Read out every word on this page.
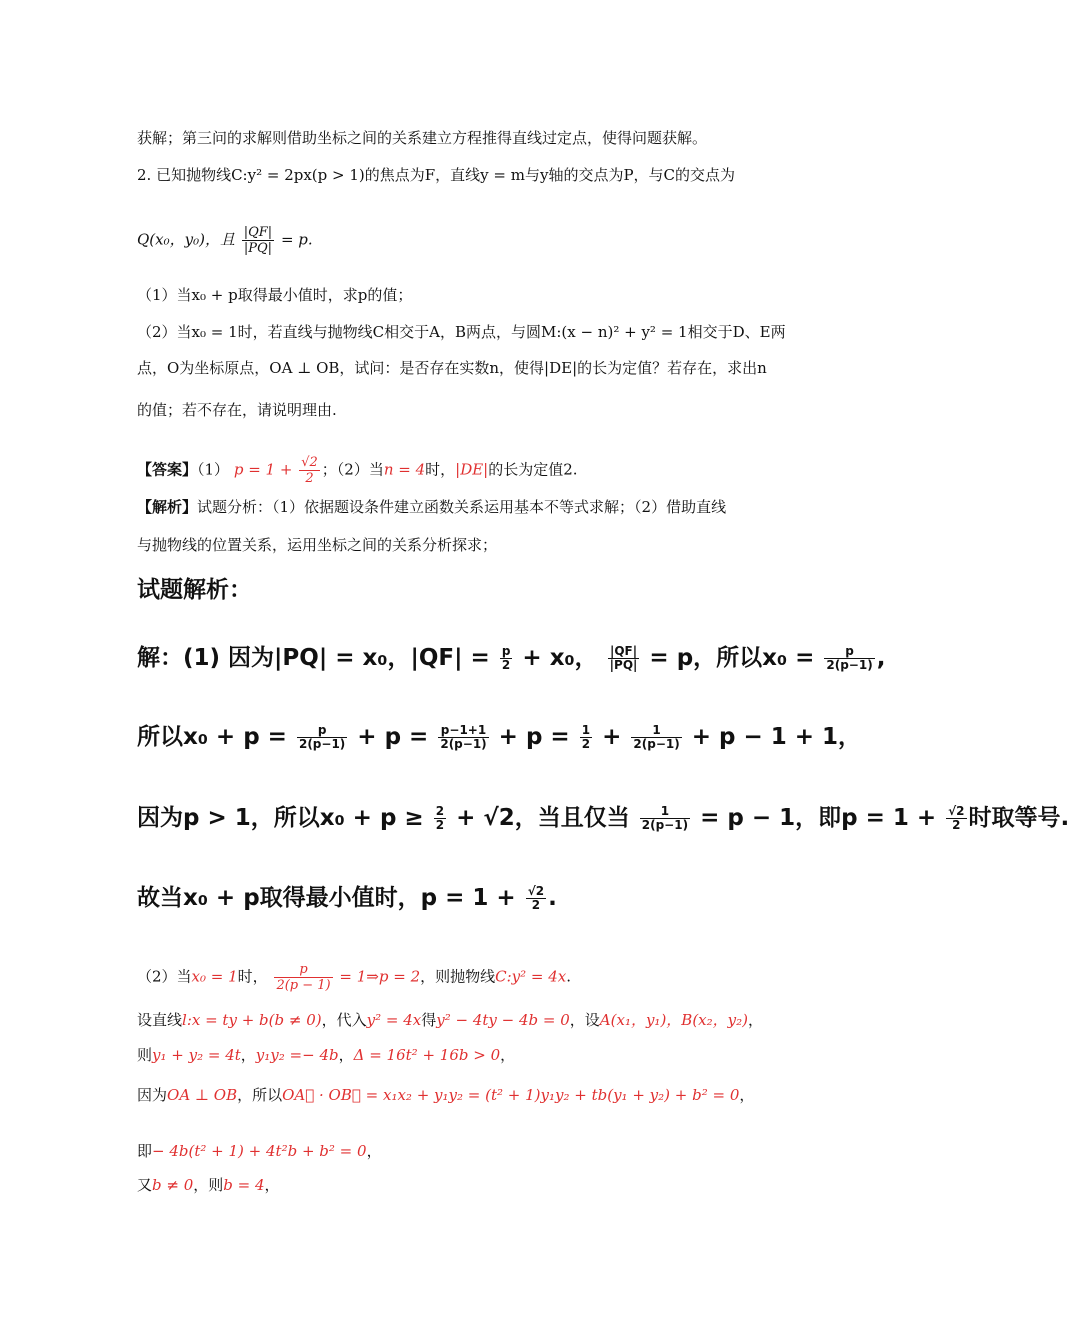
获解；第三问的求解则借助坐标之间的关系建立方程推得直线过定点，使得问题获解。
2. 已知抛物线C:y² = 2px(p > 1)的焦点为F，直线y = m与y轴的交点为P，与C的交点为
Q(x₀，y₀)，且 $\frac{|QF|}{|PQ|} = p$.
（1）当x₀ + p取得最小值时，求p的值；
（2）当x₀ = 1时，若直线与抛物线C相交于A，B两点，与圆M:(x − n)² + y² = 1相交于D、E两
点，O为坐标原点，OA ⊥ OB，试问：是否存在实数n，使得|DE|的长为定值？若存在，求出n
的值；若不存在，请说明理由.
【答案】（1） $p = 1 + \frac{√2}{2}$ ；（2）当n = 4时，|DE|的长为定值2.
【解析】试题分析：（1）依据题设条件建立函数关系运用基本不等式求解；（2）借助直线
与抛物线的位置关系，运用坐标之间的关系分析探求；
试题解析：
解：(1) 因为|PQ| = x₀，$|QF| = \frac{p}{2} + x_0$， $\frac{|QF|}{|PQ|} = p$，所以$x_0 = \frac{p}{2(p-1)}$ ,
所以$x_0 + p = \frac{p}{2(p-1)} + p = \frac{p-1+1}{2(p-1)} + p = \frac{1}{2} + \frac{1}{2(p-1)} + p - 1 + 1$，
因为p > 1，所以$x_0 + p \ge \frac{2}{2} + √2$，当且仅当 $\frac{1}{2(p-1)} = p - 1$，即$p = 1 + \frac{√2}{2}$ 时取等号.
故当x₀ + p取得最小值时，$p = 1 + \frac{√2}{2}$ .
（2）当x₀ = 1时， $\frac{p}{2(p - 1)}$ = 1⇒p = 2，则抛物线C:y² = 4x.
设直线l:x = ty + b(b ≠ 0)，代入y² = 4x得y² − 4ty − 4b = 0，设A(x₁，y₁)，B(x₂，y₂)，
则y₁ + y₂ = 4t，y₁y₂ =− 4b，Δ = 16t² + 16b > 0，
因为OA ⊥ OB，所以OA⃗ · OB⃗ = x₁x₂ + y₁y₂ = (t² + 1)y₁y₂ + tb(y₁ + y₂) + b² = 0，
即− 4b(t² + 1) + 4t²b + b² = 0，
又b ≠ 0，则b = 4，
